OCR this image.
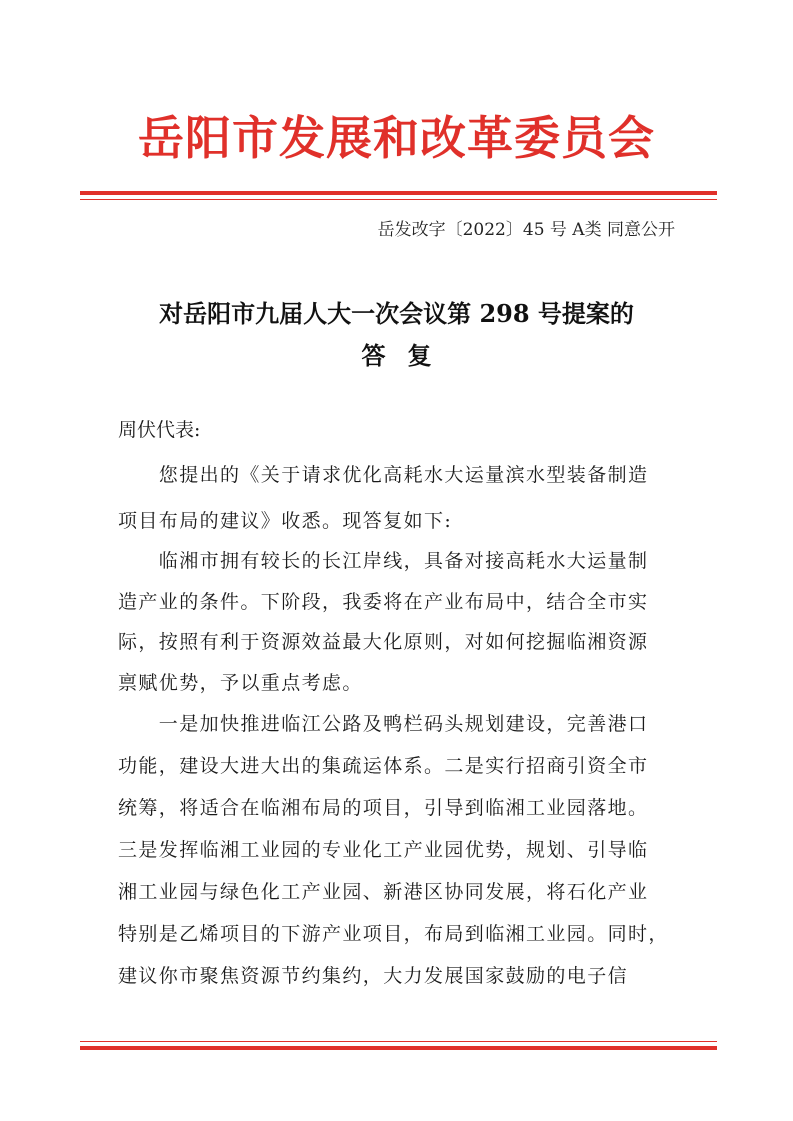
岳阳市发展和改革委员会
岳发改字〔2022〕45 号 A类 同意公开
对岳阳市九届人大一次会议第 298 号提案的
答复
周伏代表:
　　您提出的《关于请求优化高耗水大运量滨水型装备制造
项目布局的建议》收悉。现答复如下:
　　临湘市拥有较长的长江岸线，具备对接高耗水大运量制
造产业的条件。下阶段，我委将在产业布局中，结合全市实
际，按照有利于资源效益最大化原则，对如何挖掘临湘资源
禀赋优势，予以重点考虑。
　　一是加快推进临江公路及鸭栏码头规划建设，完善港口
功能，建设大进大出的集疏运体系。二是实行招商引资全市
统筹，将适合在临湘布局的项目，引导到临湘工业园落地。
三是发挥临湘工业园的专业化工产业园优势，规划、引导临
湘工业园与绿色化工产业园、新港区协同发展，将石化产业
特别是乙烯项目的下游产业项目，布局到临湘工业园。同时，
建议你市聚焦资源节约集约，大力发展国家鼓励的电子信
